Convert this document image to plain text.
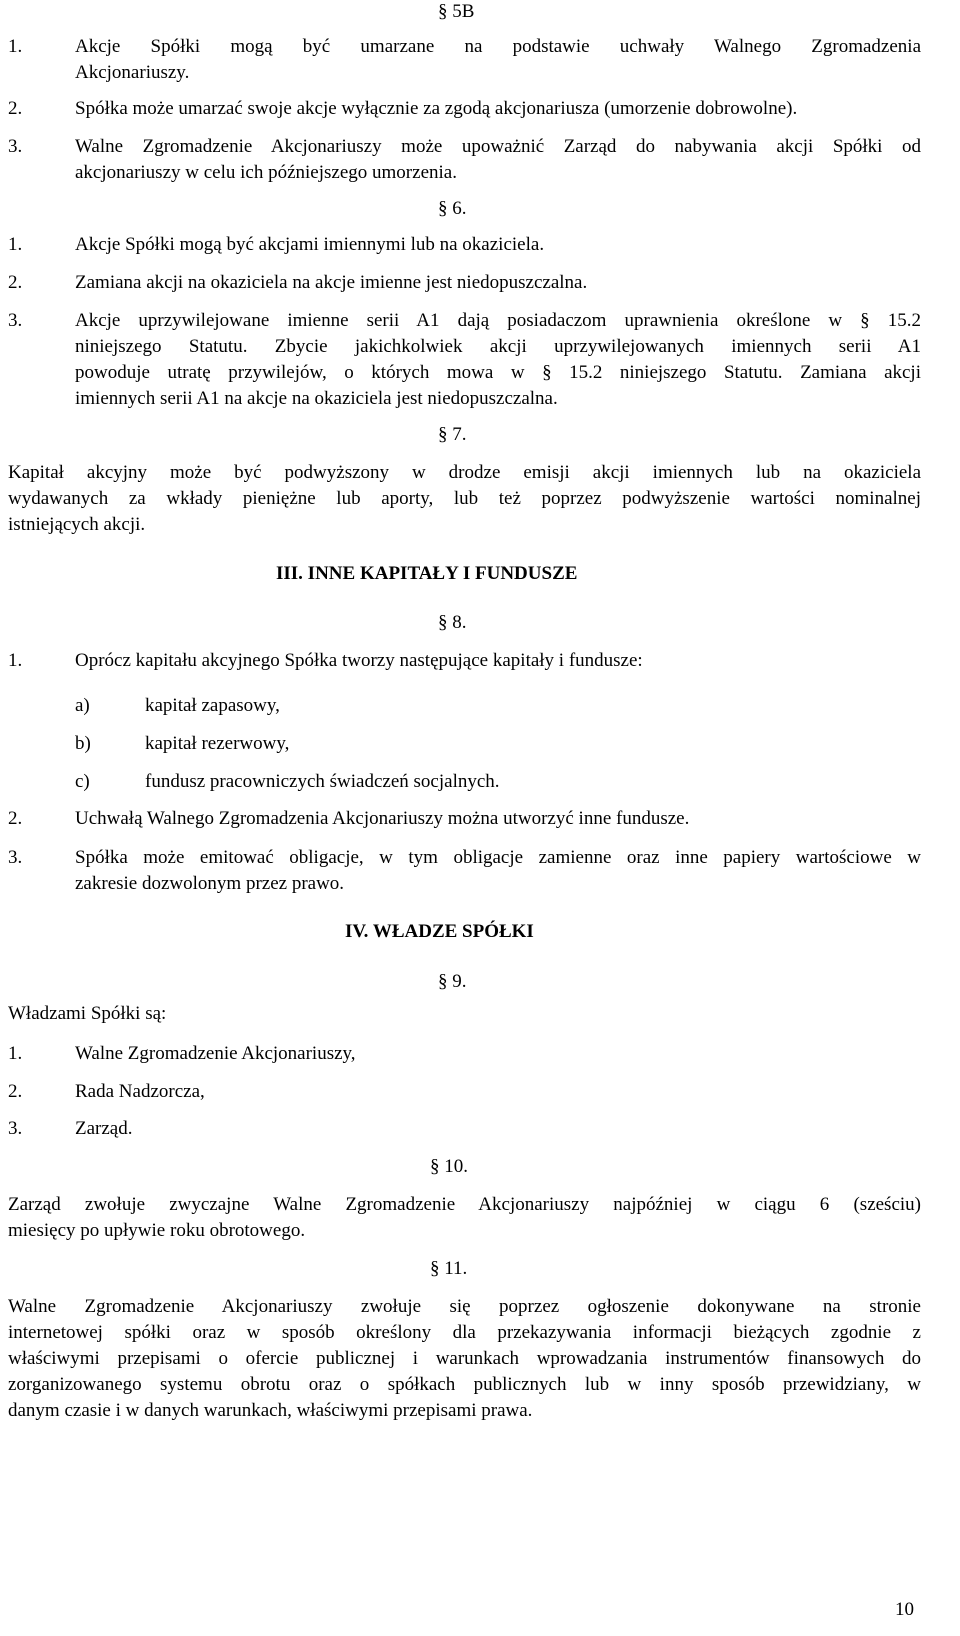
§ 5B
1.	Akcje Spółki mogą być umarzane na podstawie uchwały Walnego Zgromadzenia
Akcjonariuszy.
2.	Spółka może umarzać swoje akcje wyłącznie za zgodą akcjonariusza (umorzenie dobrowolne).
3.	Walne Zgromadzenie Akcjonariuszy może upoważnić Zarząd do nabywania akcji Spółki od
akcjonariuszy w celu ich późniejszego umorzenia.
§ 6.
1.	Akcje Spółki mogą być akcjami imiennymi lub na okaziciela.
2.	Zamiana akcji na okaziciela na akcje imienne jest niedopuszczalna.
3.	Akcje uprzywilejowane imienne serii A1 dają posiadaczom uprawnienia określone w § 15.2
niniejszego Statutu. Zbycie jakichkolwiek akcji uprzywilejowanych imiennych serii A1
powoduje utratę przywilejów, o których mowa w § 15.2 niniejszego Statutu. Zamiana akcji
imiennych serii A1 na akcje na okaziciela jest niedopuszczalna.
§ 7.
Kapitał akcyjny może być podwyższony w drodze emisji akcji imiennych lub na okaziciela
wydawanych za wkłady pieniężne lub aporty, lub też poprzez podwyższenie wartości nominalnej
istniejących akcji.
III. INNE KAPITAŁY I FUNDUSZE
§ 8.
1.	Oprócz kapitału akcyjnego Spółka tworzy następujące kapitały i fundusze:
a)	kapitał zapasowy,
b)	kapitał rezerwowy,
c)	fundusz pracowniczych świadczeń socjalnych.
2.	Uchwałą Walnego Zgromadzenia Akcjonariuszy można utworzyć inne fundusze.
3.	Spółka może emitować obligacje, w tym obligacje zamienne oraz inne papiery wartościowe w
zakresie dozwolonym przez prawo.
IV. WŁADZE SPÓŁKI
§ 9.
Władzami Spółki są:
1.	Walne Zgromadzenie Akcjonariuszy,
2.	Rada Nadzorcza,
3.	Zarząd.
§ 10.
Zarząd zwołuje zwyczajne Walne Zgromadzenie Akcjonariuszy najpóźniej w ciągu 6 (sześciu)
miesięcy po upływie roku obrotowego.
§ 11.
Walne Zgromadzenie Akcjonariuszy zwołuje się poprzez ogłoszenie dokonywane na stronie
internetowej spółki oraz w sposób określony dla przekazywania informacji bieżących zgodnie z
właściwymi przepisami o ofercie publicznej i warunkach wprowadzania instrumentów finansowych do
zorganizowanego systemu obrotu oraz o spółkach publicznych lub w inny sposób przewidziany, w
danym czasie i w danych warunkach, właściwymi przepisami prawa.
10
